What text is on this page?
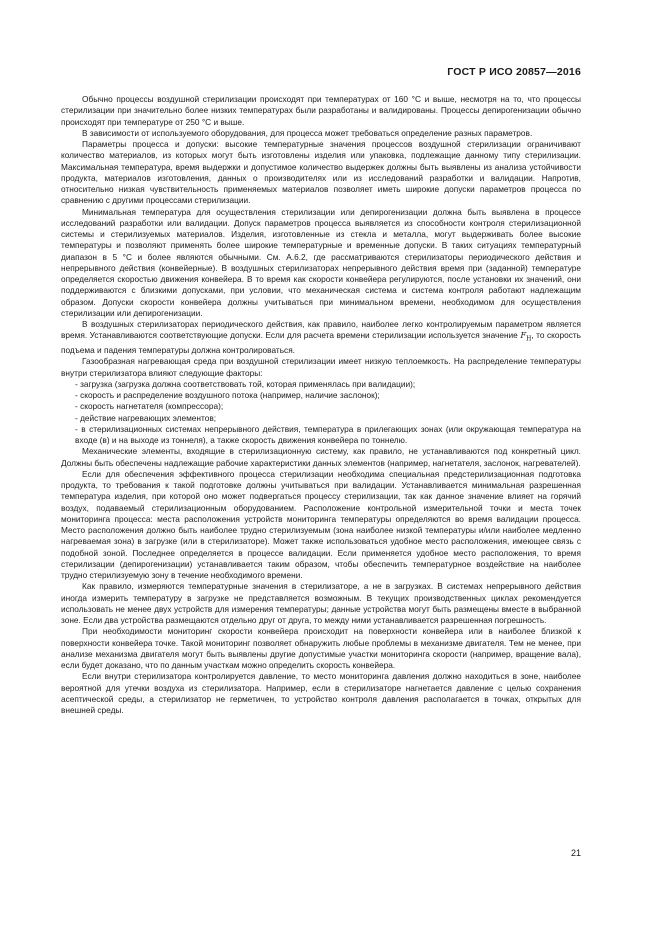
ГОСТ Р ИСО 20857—2016

Обычно процессы воздушной стерилизации происходят при температурах от 160 °С и выше, несмотря на то, что процессы стерилизации при значительно более низких температурах были разработаны и валидированы. Процессы депирогенизации обычно происходят при температуре от 250 °С и выше.

В зависимости от используемого оборудования, для процесса может требоваться определение разных параметров.

Параметры процесса и допуски: высокие температурные значения процессов воздушной стерилизации ограничивают количество материалов, из которых могут быть изготовлены изделия или упаковка, подлежащие данному типу стерилизации. Максимальная температура, время выдержки и допустимое количество выдержек должны быть выявлены из анализа устойчивости продукта, материалов изготовления, данных о производителях или из исследований разработки и валидации. Напротив, относительно низкая чувствительность применяемых материалов позволяет иметь широкие допуски параметров процесса по сравнению с другими процессами стерилизации.

Минимальная температура для осуществления стерилизации или депирогенизации должна быть выявлена в процессе исследований разработки или валидации. Допуск параметров процесса выявляется из способности контроля стерилизационной системы и стерилизуемых материалов. Изделия, изготовленные из стекла и металла, могут выдерживать более высокие температуры и позволяют применять более широкие температурные и временные допуски. В таких ситуациях температурный диапазон в 5 °С и более являются обычными. См. А.6.2, где рассматриваются стерилизаторы периодического действия и непрерывного действия (конвейерные). В воздушных стерилизаторах непрерывного действия время при (заданной) температуре определяется скоростью движения конвейера. В то время как скорости конвейера регулируются, после установки их значений, они поддерживаются с близкими допусками, при условии, что механическая система и система контроля работают надлежащим образом. Допуски скорости конвейера должны учитываться при минимальном времени, необходимом для осуществления стерилизации или депирогенизации.

В воздушных стерилизаторах периодического действия, как правило, наиболее легко контролируемым параметром является время. Устанавливаются соответствующие допуски. Если для расчета времени стерилизации используется значение $F_H$, то скорость подъема и падения температуры должна контролироваться.

Газообразная нагревающая среда при воздушной стерилизации имеет низкую теплоемкость. На распределение температуры внутри стерилизатора влияют следующие факторы:

- загрузка (загрузка должна соответствовать той, которая применялась при валидации);

- скорость и распределение воздушного потока (например, наличие заслонок);

- скорость нагнетателя (компрессора);

- действие нагревающих элементов;

- в стерилизационных системах непрерывного действия, температура в прилегающих зонах (или окружающая температура на входе (в) и на выходе из тоннеля), а также скорость движения конвейера по тоннелю.

Механические элементы, входящие в стерилизационную систему, как правило, не устанавливаются под конкретный цикл. Должны быть обеспечены надлежащие рабочие характеристики данных элементов (например, нагнетателя, заслонок, нагревателей).

Если для обеспечения эффективного процесса стерилизации необходима специальная предстерилизационная подготовка продукта, то требования к такой подготовке должны учитываться при валидации. Устанавливается минимальная разрешенная температура изделия, при которой оно может подвергаться процессу стерилизации, так как данное значение влияет на горячий воздух, подаваемый стерилизационным оборудованием. Расположение контрольной измерительной точки и места точек мониторинга процесса: места расположения устройств мониторинга температуры определяются во время валидации процесса. Место расположения должно быть наиболее трудно стерилизуемым (зона наиболее низкой температуры и/или наиболее медленно нагреваемая зона) в загрузке (или в стерилизаторе). Может также использоваться удобное место расположения, имеющее связь с подобной зоной. Последнее определяется в процессе валидации. Если применяется удобное место расположения, то время стерилизации (депирогенизации) устанавливается таким образом, чтобы обеспечить температурное воздействие на наиболее трудно стерилизуемую зону в течение необходимого времени.

Как правило, измеряются температурные значения в стерилизаторе, а не в загрузках. В системах непрерывного действия иногда измерить температуру в загрузке не представляется возможным. В текущих производственных циклах рекомендуется использовать не менее двух устройств для измерения температуры; данные устройства могут быть размещены вместе в выбранной зоне. Если два устройства размещаются отдельно друг от друга, то между ними устанавливается разрешенная погрешность.

При необходимости мониторинг скорости конвейера происходит на поверхности конвейера или в наиболее близкой к поверхности конвейера точке. Такой мониторинг позволяет обнаружить любые проблемы в механизме двигателя. Тем не менее, при анализе механизма двигателя могут быть выявлены другие допустимые участки мониторинга скорости (например, вращение вала), если будет доказано, что по данным участкам можно определить скорость конвейера.

Если внутри стерилизатора контролируется давление, то место мониторинга давления должно находиться в зоне, наиболее вероятной для утечки воздуха из стерилизатора. Например, если в стерилизаторе нагнетается давление с целью сохранения асептической среды, а стерилизатор не герметичен, то устройство контроля давления располагается в точках, открытых для внешней среды.

21
